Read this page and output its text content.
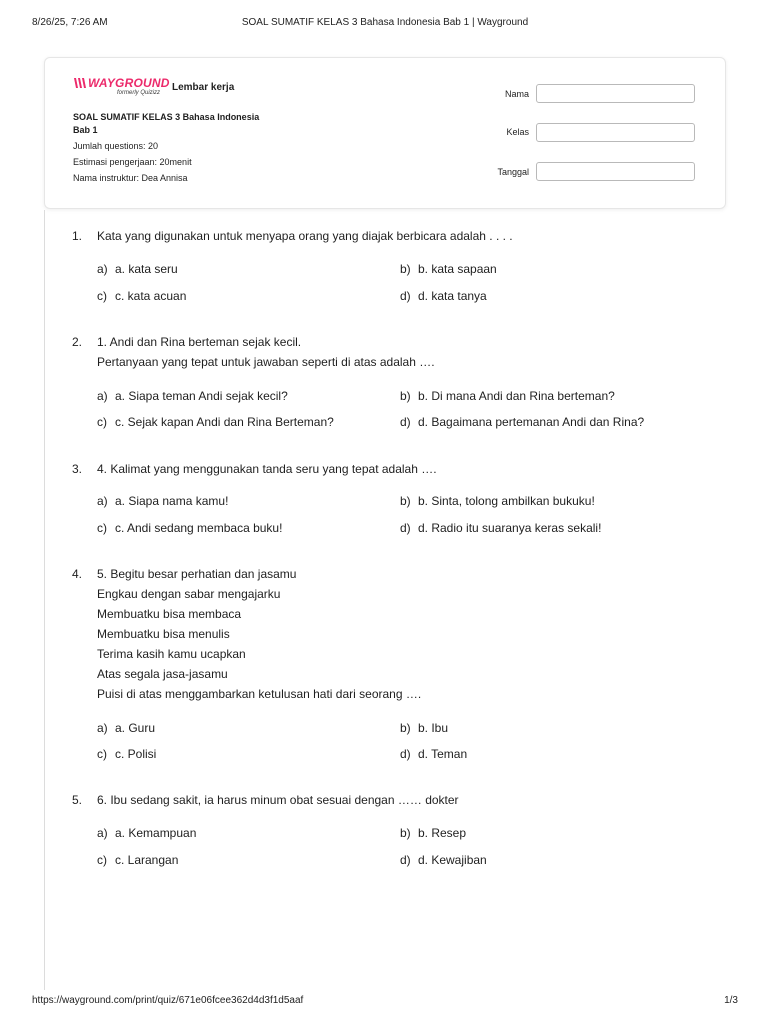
8/26/25, 7:26 AM	SOAL SUMATIF KELAS 3 Bahasa Indonesia Bab 1 | Wayground
WAYGROUND
formerly Quizizz Lembar kerja
SOAL SUMATIF KELAS 3 Bahasa Indonesia
Bab 1
Jumlah questions: 20
Estimasi pengerjaan: 20menit
Nama instruktur: Dea Annisa
Nama
Kelas
Tanggal
1. Kata yang digunakan untuk menyapa orang yang diajak berbicara adalah . . . .
a) a. kata seru	b) b. kata sapaan
c) c. kata acuan	d) d. kata tanya
2. 1. Andi dan Rina berteman sejak kecil.
Pertanyaan yang tepat untuk jawaban seperti di atas adalah ….
a) a. Siapa teman Andi sejak kecil?	b) b. Di mana Andi dan Rina berteman?
c) c. Sejak kapan Andi dan Rina Berteman?	d) d. Bagaimana pertemanan Andi dan Rina?
3. 4. Kalimat yang menggunakan tanda seru yang tepat adalah ….
a) a. Siapa nama kamu!	b) b. Sinta, tolong ambilkan bukuku!
c) c. Andi sedang membaca buku!	d) d. Radio itu suaranya keras sekali!
4. 5. Begitu besar perhatian dan jasamu
Engkau dengan sabar mengajarku
Membuatku bisa membaca
Membuatku bisa menulis
Terima kasih kamu ucapkan
Atas segala jasa-jasamu
Puisi di atas menggambarkan ketulusan hati dari seorang ….
a) a. Guru	b) b. Ibu
c) c. Polisi	d) d. Teman
5. 6. Ibu sedang sakit, ia harus minum obat sesuai dengan …… dokter
a) a. Kemampuan	b) b. Resep
c) c. Larangan	d) d. Kewajiban
https://wayground.com/print/quiz/671e06fcee362d4d3f1d5aaf	1/3
